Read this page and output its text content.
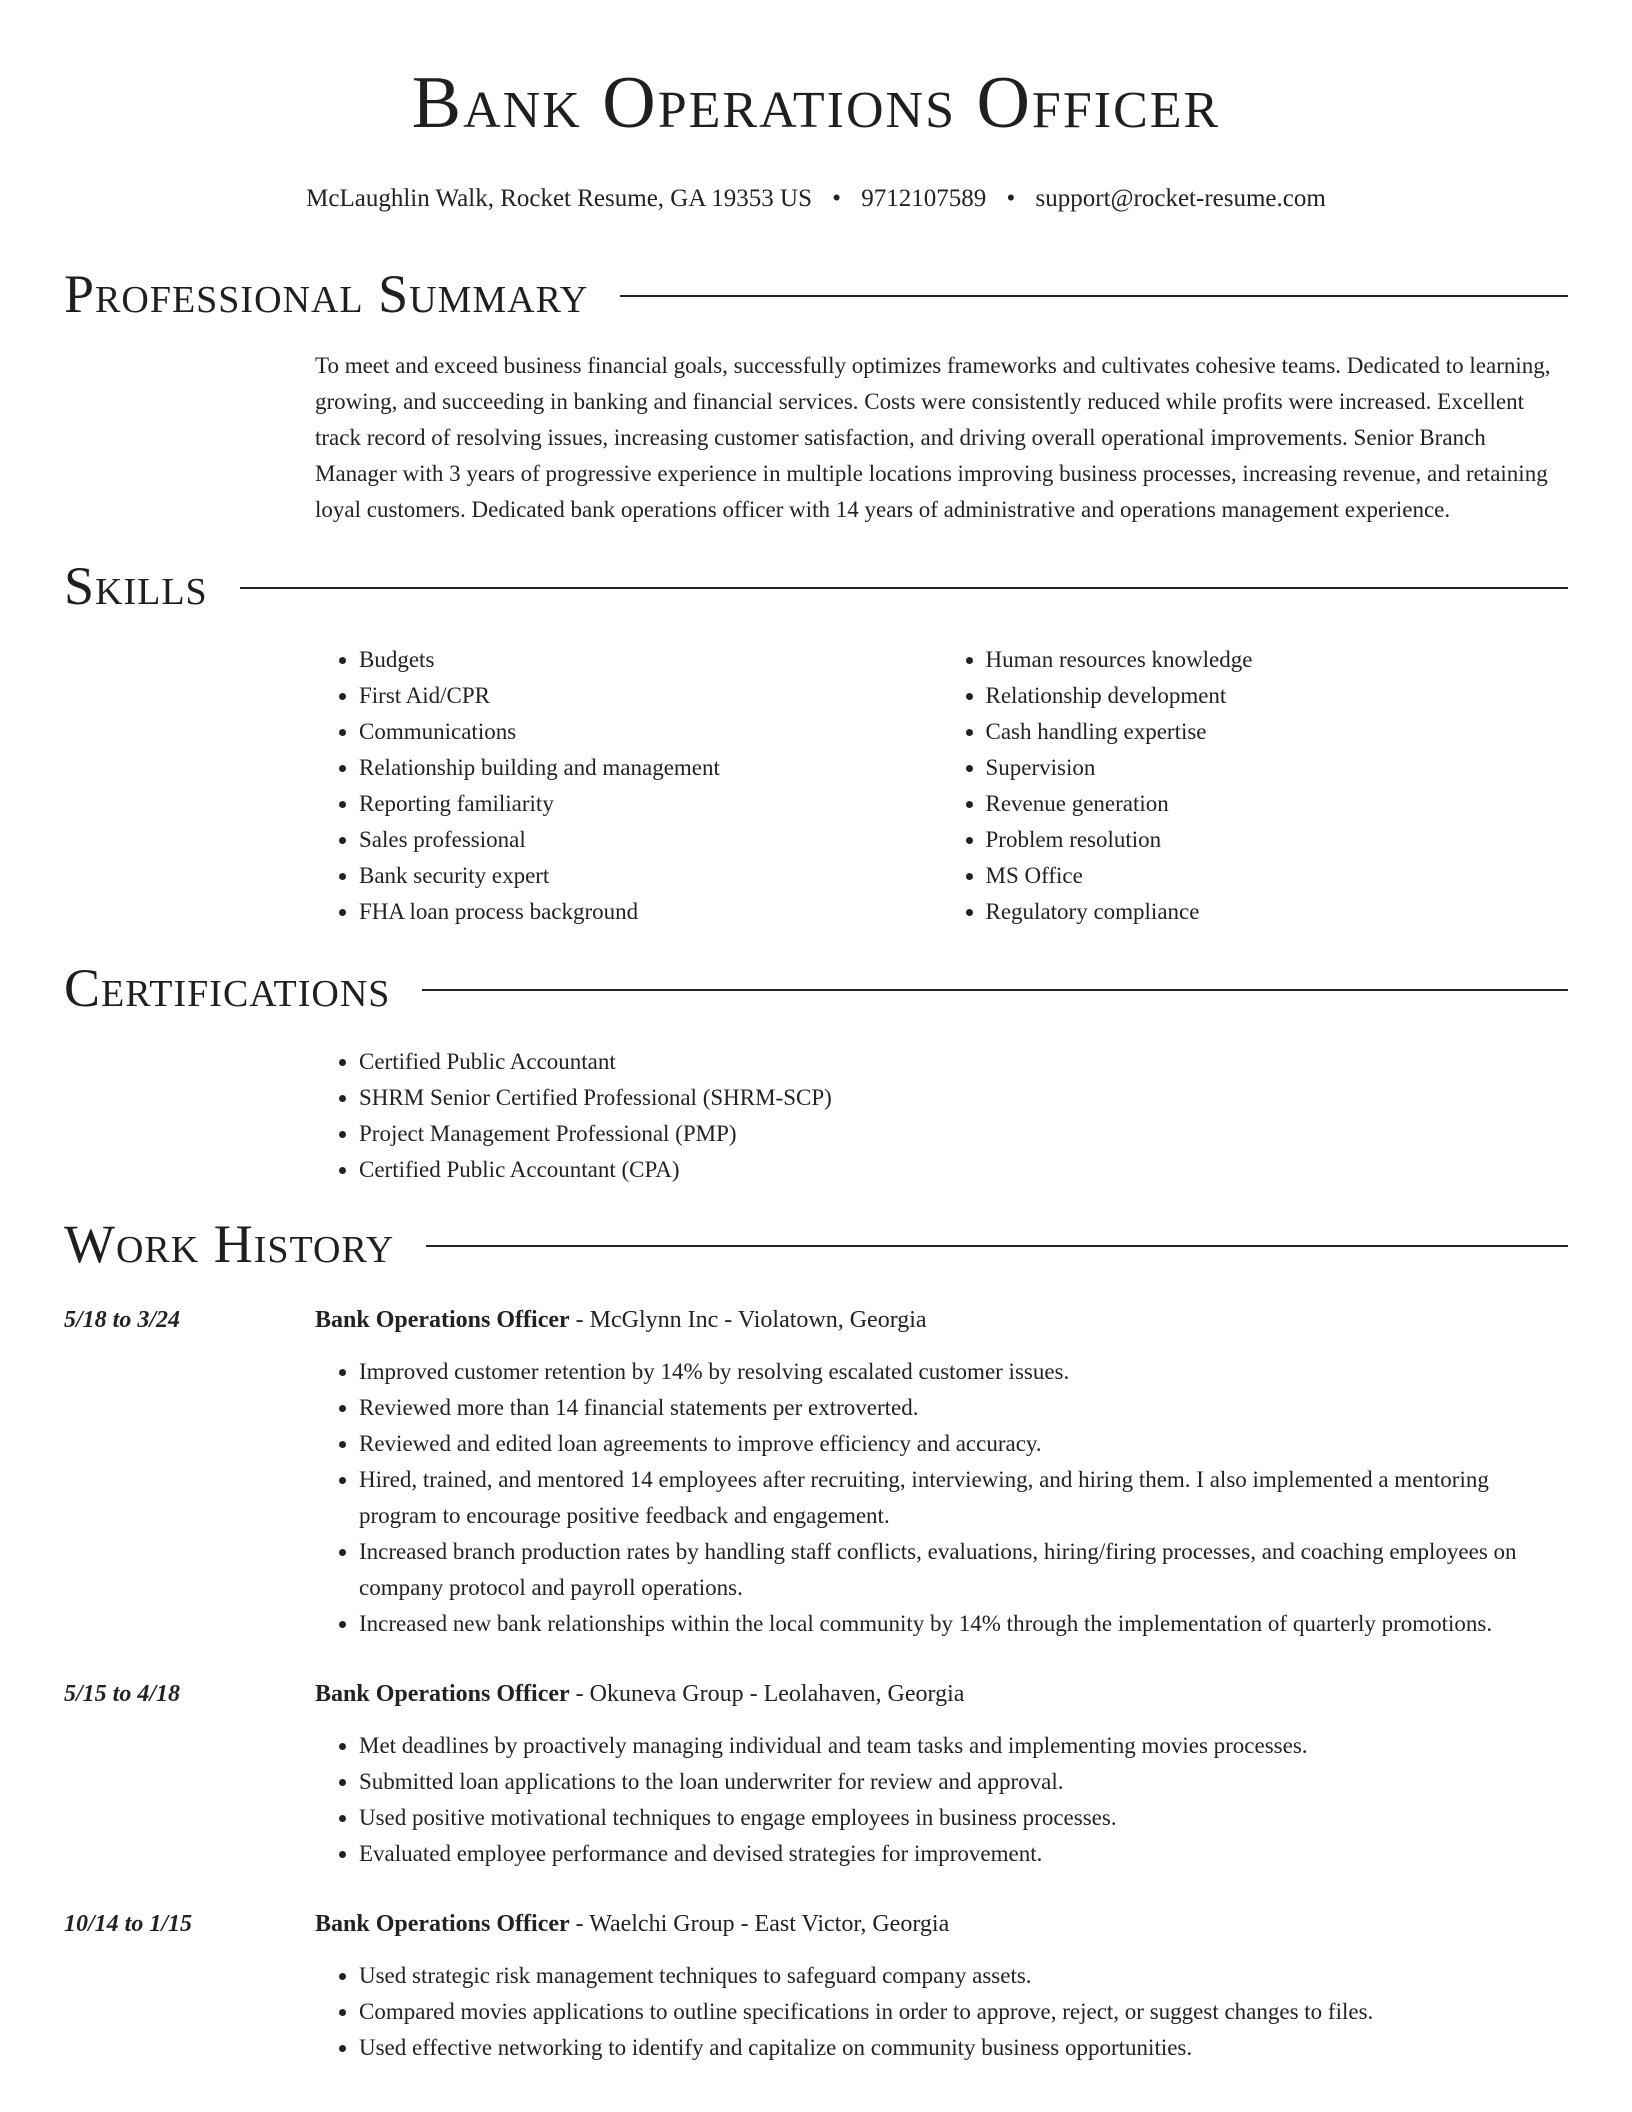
Bank Operations Officer
McLaughlin Walk, Rocket Resume, GA 19353 US • 9712107589 • support@rocket-resume.com
Professional Summary

To meet and exceed business financial goals, successfully optimizes frameworks and cultivates cohesive teams. Dedicated to learning, growing, and succeeding in banking and financial services. Costs were consistently reduced while profits were increased. Excellent track record of resolving issues, increasing customer satisfaction, and driving overall operational improvements. Senior Branch Manager with 3 years of progressive experience in multiple locations improving business processes, increasing revenue, and retaining loyal customers. Dedicated bank operations officer with 14 years of administrative and operations management experience.

Skills
• Budgets
• First Aid/CPR
• Communications
• Relationship building and management
• Reporting familiarity
• Sales professional
• Bank security expert
• FHA loan process background
• Human resources knowledge
• Relationship development
• Cash handling expertise
• Supervision
• Revenue generation
• Problem resolution
• MS Office
• Regulatory compliance
Certifications
• Certified Public Accountant
• SHRM Senior Certified Professional (SHRM-SCP)
• Project Management Professional (PMP)
• Certified Public Accountant (CPA)
Work History
5/18 to 3/24	Bank Operations Officer - McGlynn Inc - Violatown, Georgia
• Improved customer retention by 14% by resolving escalated customer issues.
• Reviewed more than 14 financial statements per extroverted.
• Reviewed and edited loan agreements to improve efficiency and accuracy.
• Hired, trained, and mentored 14 employees after recruiting, interviewing, and hiring them. I also implemented a mentoring program to encourage positive feedback and engagement.
• Increased branch production rates by handling staff conflicts, evaluations, hiring/firing processes, and coaching employees on company protocol and payroll operations.
• Increased new bank relationships within the local community by 14% through the implementation of quarterly promotions.
5/15 to 4/18	Bank Operations Officer - Okuneva Group - Leolahaven, Georgia
• Met deadlines by proactively managing individual and team tasks and implementing movies processes.
• Submitted loan applications to the loan underwriter for review and approval.
• Used positive motivational techniques to engage employees in business processes.
• Evaluated employee performance and devised strategies for improvement.
10/14 to 1/15	Bank Operations Officer - Waelchi Group - East Victor, Georgia
• Used strategic risk management techniques to safeguard company assets.
• Compared movies applications to outline specifications in order to approve, reject, or suggest changes to files.
• Used effective networking to identify and capitalize on community business opportunities.
